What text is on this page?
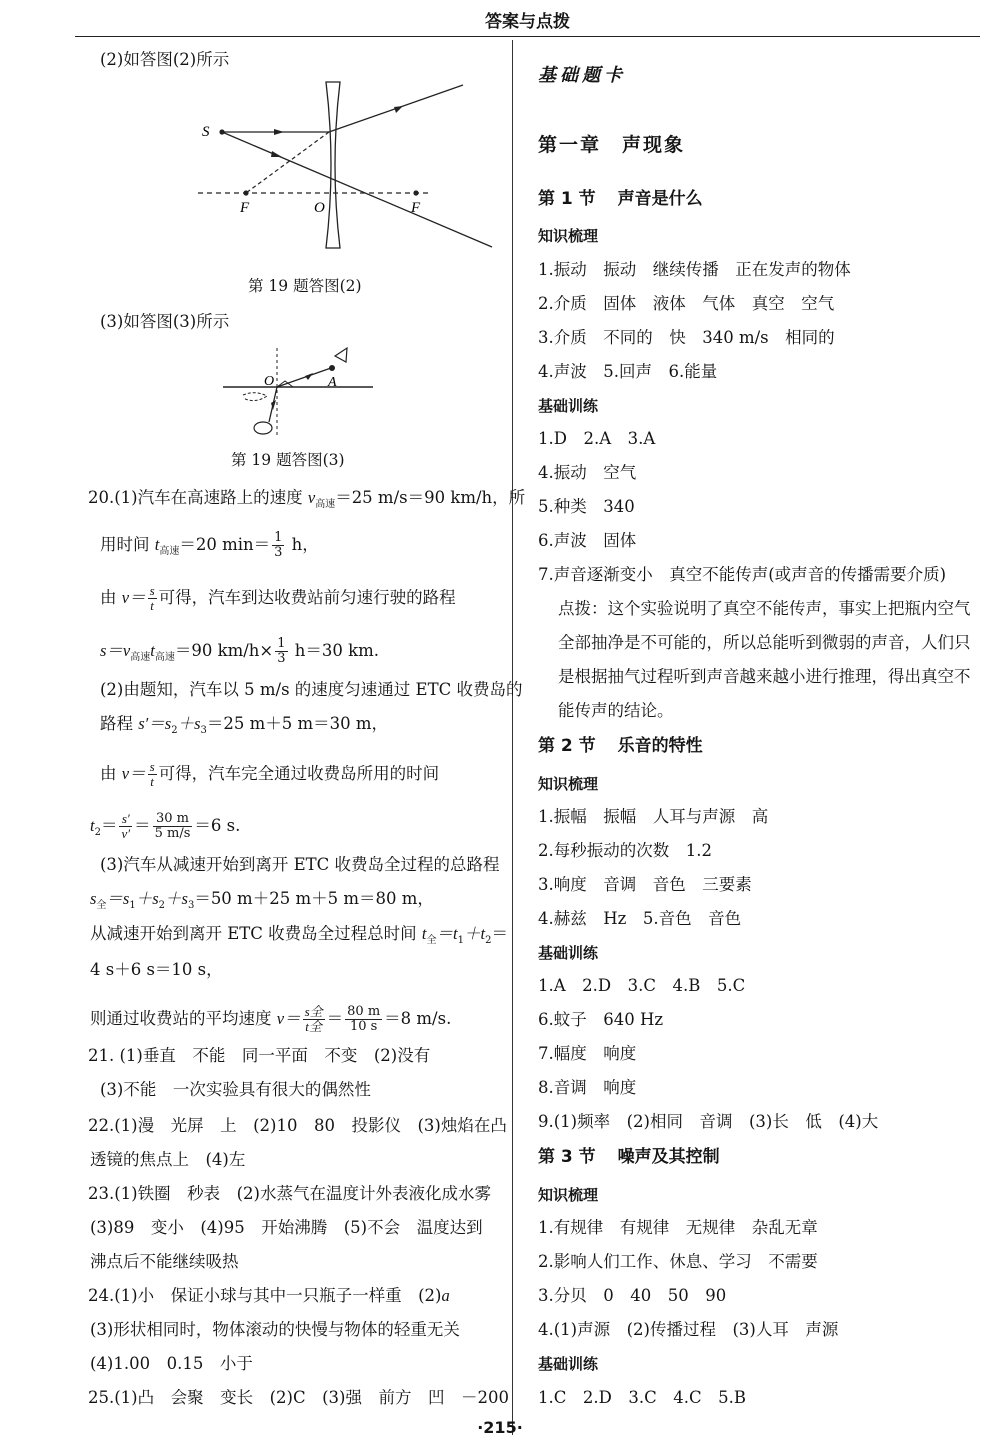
答案与点拨
(2)如答图(2)所示
S
F	O	F
第 19 题答图(2)
(3)如答图(3)所示
O	A
第 19 题答图(3)
20.(1)汽车在高速路上的速度 $v_{高速}=25$ m/s＝90 km/h，所
用时间 $t_{高速}=20$ $\min= \frac{1}{3}$ h，
由 $v= \frac{s}{t}$ 可得，汽车到达收费站前匀速行驶的路程
$s=v_{高速}t_{高速}=90$ $km/h\times \frac{1}{3} h=30$ km.
(2)由题知，汽车以 5 m/s 的速度匀速通过 ETC 收费岛的
路程 $s'=s_2+s_3=25$ m＋5 m＝30 m，
由 $v= \frac{s}{t}$ 可得，汽车完全通过收费岛所用的时间
$t_2= \frac{s'}{v'} = \frac{30 m}{5 m/s} =6$ s.
(3)汽车从减速开始到离开 ETC 收费岛全过程的总路程
$s_全=s_1+s_2+s_3=50$ m＋25 m＋5 m＝80 m，
从减速开始到离开 ETC 收费岛全过程总时间 $t_全=t_1+t_2=$
4 s＋6 s＝10 s，
则通过收费站的平均速度 $v= \frac{\text{s全}}{\text{t全}} = \frac{80 m}{10 s} =8$ m/s.
21. (1)垂直　不能　同一平面　不变　(2)没有
(3)不能　一次实验具有很大的偶然性
22.(1)漫　光屏　上　(2)10　80　投影仪　(3)烛焰在凸
透镜的焦点上　(4)左
23.(1)铁圈　秒表　(2)水蒸气在温度计外表液化成水雾
(3)89　变小　(4)95　开始沸腾　(5)不会　温度达到
沸点后不能继续吸热
24.(1)小　保证小球与其中一只瓶子一样重　(2)a
(3)形状相同时，物体滚动的快慢与物体的轻重无关
(4)1.00　0.15　小于
25.(1)凸　会聚　变长　(2)C　(3)强　前方　凹　－200
基础题卡
第一章　声现象
第 1 节 声音是什么
知识梳理
1.振动　振动　继续传播　正在发声的物体
2.介质　固体　液体　气体　真空　空气
3.介质　不同的　快　340 m/s　相同的
4.声波　5.回声　6.能量
基础训练
1.D　2.A　3.A
4.振动　空气
5.种类　340
6.声波　固体
7.声音逐渐变小　真空不能传声(或声音的传播需要介质)
点拨：这个实验说明了真空不能传声，事实上把瓶内空气
全部抽净是不可能的，所以总能听到微弱的声音，人们只
是根据抽气过程听到声音越来越小进行推理，得出真空不
能传声的结论。
第 2 节 乐音的特性
知识梳理
1.振幅　振幅　人耳与声源　高
2.每秒振动的次数　1.2
3.响度　音调　音色　三要素
4.赫兹　Hz　5.音色　音色
基础训练
1.A　2.D　3.C　4.B　5.C
6.蚊子　640 Hz
7.幅度　响度
8.音调　响度
9.(1)频率　(2)相同　音调　(3)长　低　(4)大
第 3 节 噪声及其控制
知识梳理
1.有规律　有规律　无规律　杂乱无章
2.影响人们工作、休息、学习　不需要
3.分贝　0　40　50　90
4.(1)声源　(2)传播过程　(3)人耳　声源
基础训练
1.C　2.D　3.C　4.C　5.B
·215·
